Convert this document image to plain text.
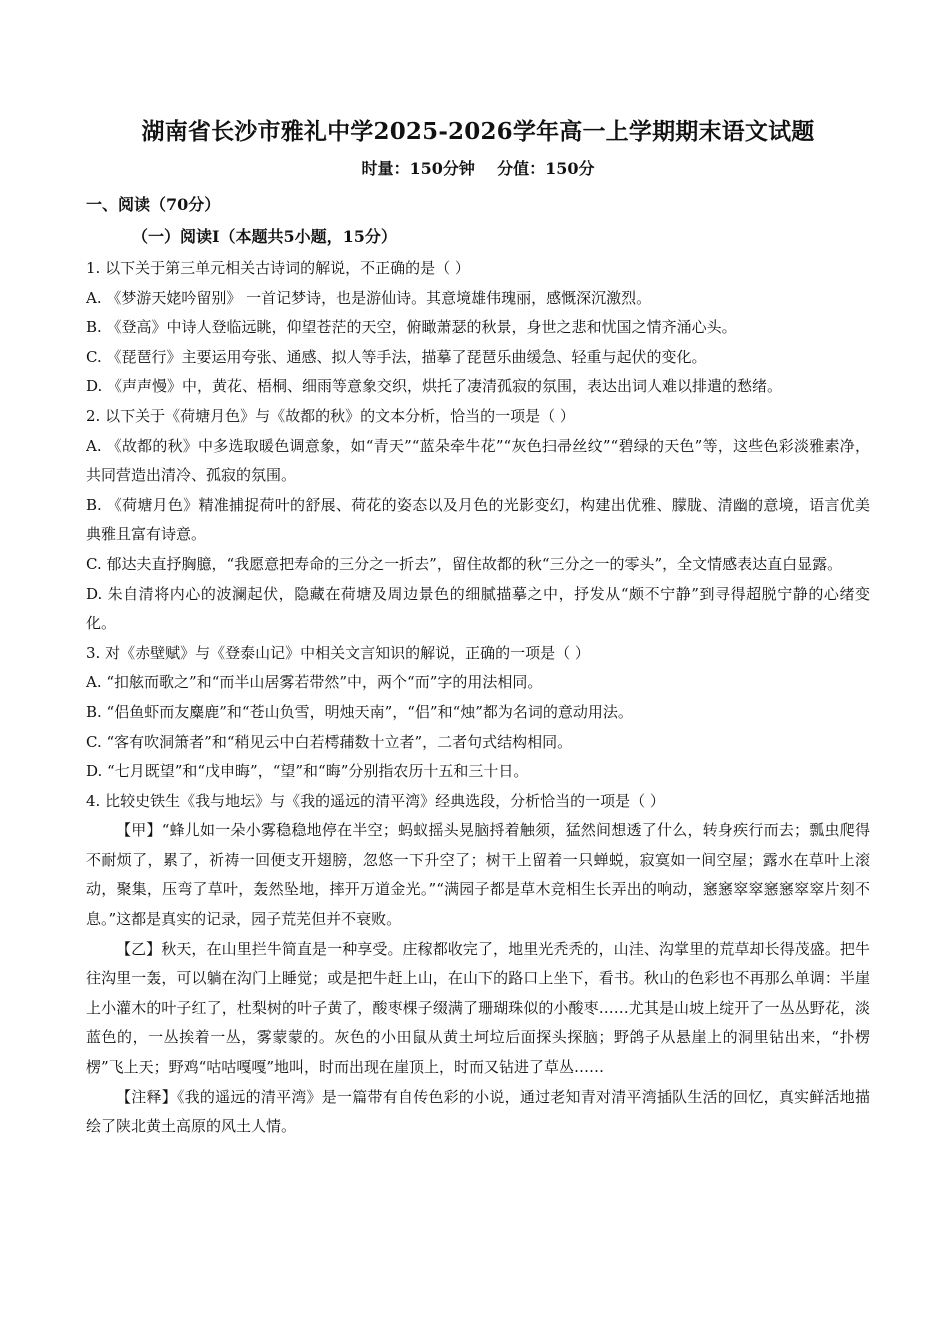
湖南省长沙市雅礼中学2025-2026学年高一上学期期末语文试题
时量：150分钟    分值：150分
一、阅读（70分）
（一）阅读Ⅰ（本题共5小题，15分）

1. 以下关于第三单元相关古诗词的解说，不正确的是（ ）

A. 《梦游天姥吟留别》 一首记梦诗，也是游仙诗。其意境雄伟瑰丽，感慨深沉激烈。

B. 《登高》中诗人登临远眺，仰望苍茫的天空，俯瞰萧瑟的秋景，身世之悲和忧国之情齐涌心头。

C. 《琵琶行》主要运用夸张、通感、拟人等手法，描摹了琵琶乐曲缓急、轻重与起伏的变化。

D. 《声声慢》中，黄花、梧桐、细雨等意象交织，烘托了凄清孤寂的氛围，表达出词人难以排遣的愁绪。

2. 以下关于《荷塘月色》与《故都的秋》的文本分析，恰当的一项是（ ）

A. 《故都的秋》中多选取暖色调意象，如“青天”“蓝朵牵牛花”“灰色扫帚丝纹”“碧绿的天色”等，这些色彩淡雅素净，共同营造出清冷、孤寂的氛围。

B. 《荷塘月色》精准捕捉荷叶的舒展、荷花的姿态以及月色的光影变幻，构建出优雅、朦胧、清幽的意境，语言优美典雅且富有诗意。

C. 郁达夫直抒胸臆，“我愿意把寿命的三分之一折去”，留住故都的秋“三分之一的零头”，全文情感表达直白显露。

D. 朱自清将内心的波澜起伏，隐藏在荷塘及周边景色的细腻描摹之中，抒发从“颇不宁静”到寻得超脱宁静的心绪变化。

3. 对《赤壁赋》与《登泰山记》中相关文言知识的解说，正确的一项是（ ）

A. “扣舷而歌之”和“而半山居雾若带然”中，两个“而”字的用法相同。

B. “侣鱼虾而友麋鹿”和“苍山负雪，明烛天南”，“侣”和“烛”都为名词的意动用法。

C. “客有吹洞箫者”和“稍见云中白若樗蒱数十立者”，二者句式结构相同。

D. “七月既望”和“戊申晦”，“望”和“晦”分别指农历十五和三十日。

4. 比较史铁生《我与地坛》与《我的遥远的清平湾》经典选段，分析恰当的一项是（ ）

【甲】“蜂儿如一朵小雾稳稳地停在半空；蚂蚁摇头晃脑捋着触须，猛然间想透了什么，转身疾行而去；瓢虫爬得不耐烦了，累了，祈祷一回便支开翅膀，忽悠一下升空了；树干上留着一只蝉蜕，寂寞如一间空屋；露水在草叶上滚动，聚集，压弯了草叶，轰然坠地，摔开万道金光。”“满园子都是草木竞相生长弄出的响动，窸窸窣窣窸窸窣窣片刻不息。”这都是真实的记录，园子荒芜但并不衰败。

【乙】秋天，在山里拦牛简直是一种享受。庄稼都收完了，地里光秃秃的，山洼、沟掌里的荒草却长得茂盛。把牛往沟里一轰，可以躺在沟门上睡觉；或是把牛赶上山，在山下的路口上坐下，看书。秋山的色彩也不再那么单调：半崖上小灌木的叶子红了，杜梨树的叶子黄了，酸枣棵子缀满了珊瑚珠似的小酸枣……尤其是山坡上绽开了一丛丛野花，淡蓝色的，一丛挨着一丛，雾蒙蒙的。灰色的小田鼠从黄土坷垃后面探头探脑；野鸽子从悬崖上的洞里钻出来，“扑楞楞”飞上天；野鸡“咕咕嘎嘎”地叫，时而出现在崖顶上，时而又钻进了草丛……

【注释】《我的遥远的清平湾》是一篇带有自传色彩的小说，通过老知青对清平湾插队生活的回忆，真实鲜活地描绘了陕北黄土高原的风土人情。
